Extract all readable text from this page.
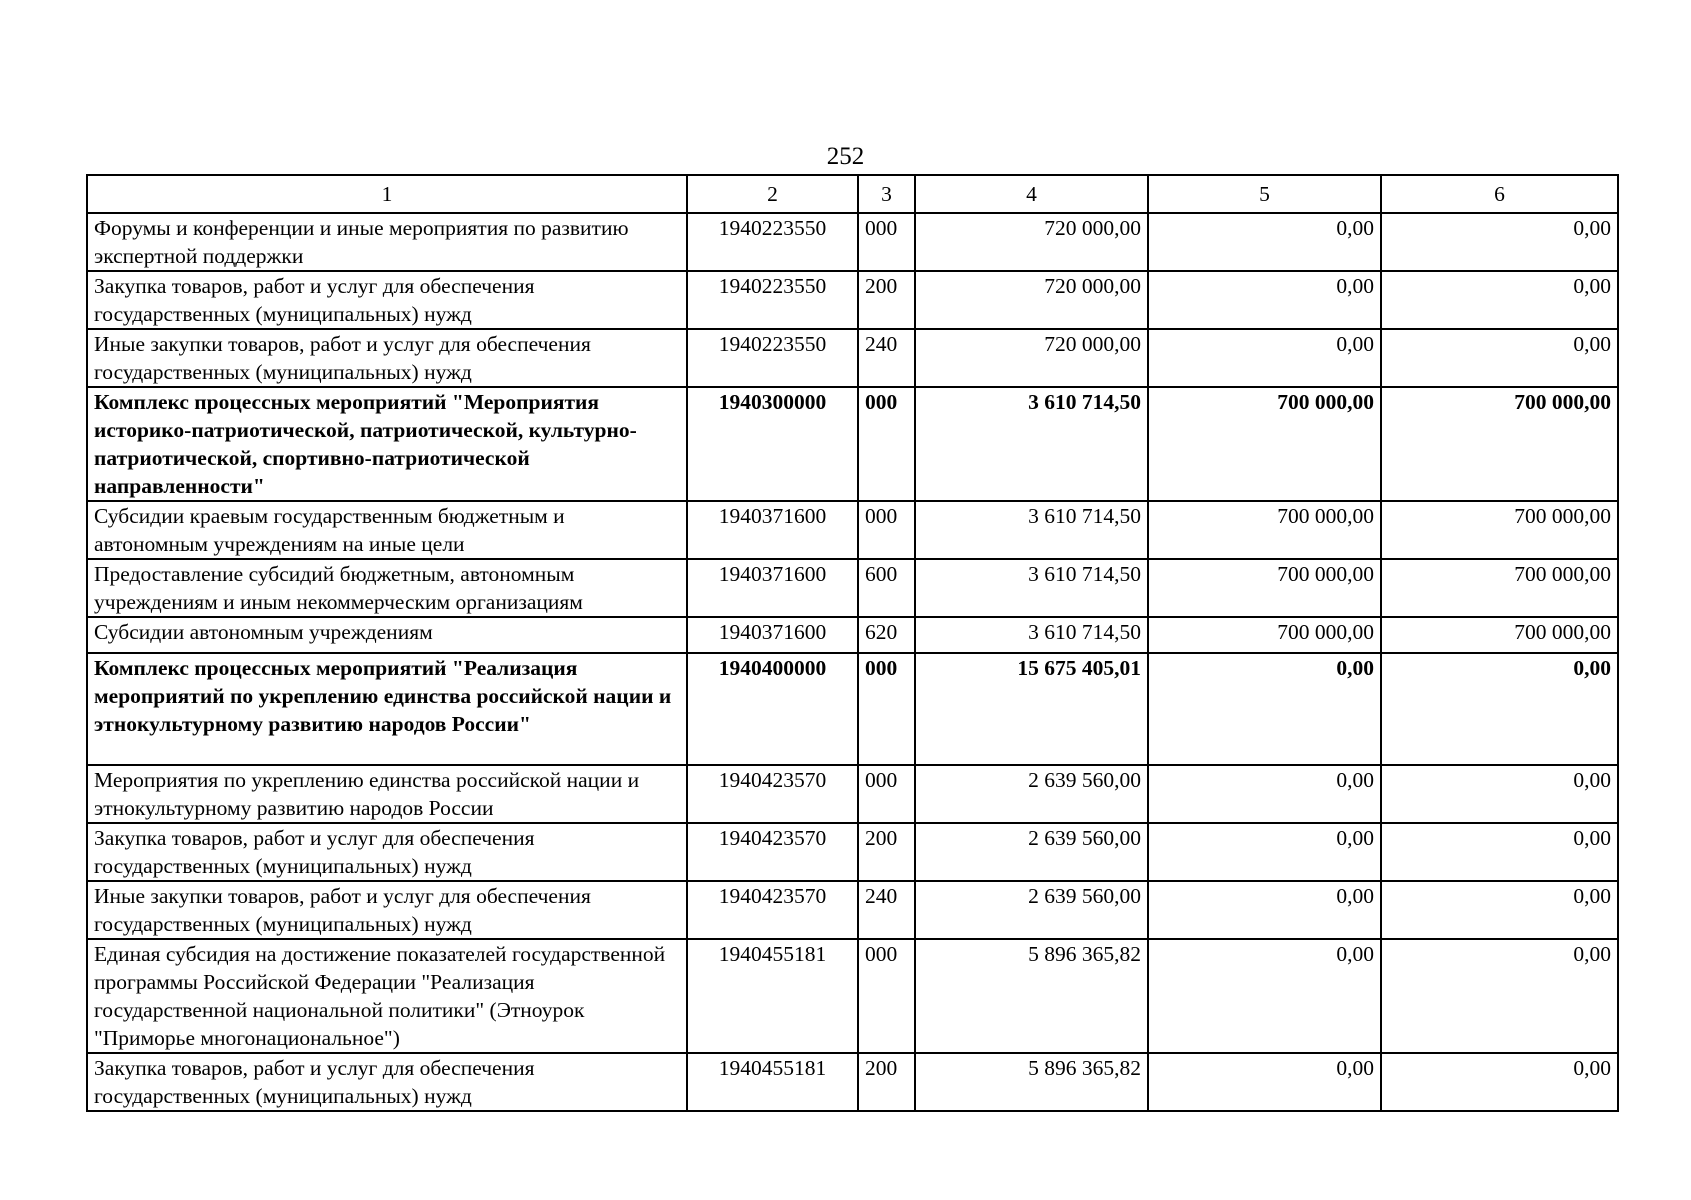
252
1	2	3	4	5	6
Форумы и конференции и иные мероприятия по развитию экспертной поддержки	1940223550	000	720 000,00	0,00	0,00
Закупка товаров, работ и услуг для обеспечения государственных (муниципальных) нужд	1940223550	200	720 000,00	0,00	0,00
Иные закупки товаров, работ и услуг для обеспечения государственных (муниципальных) нужд	1940223550	240	720 000,00	0,00	0,00
Комплекс процессных мероприятий "Мероприятия историко-патриотической, патриотической, культурно-патриотической, спортивно-патриотической направленности"	1940300000	000	3 610 714,50	700 000,00	700 000,00
Субсидии краевым государственным бюджетным и автономным учреждениям на иные цели	1940371600	000	3 610 714,50	700 000,00	700 000,00
Предоставление субсидий бюджетным, автономным учреждениям и иным некоммерческим организациям	1940371600	600	3 610 714,50	700 000,00	700 000,00
Субсидии автономным учреждениям	1940371600	620	3 610 714,50	700 000,00	700 000,00
Комплекс процессных мероприятий "Реализация мероприятий по укреплению единства российской нации и этнокультурному развитию народов России"	1940400000	000	15 675 405,01	0,00	0,00
Мероприятия по укреплению единства российской нации и этнокультурному развитию народов России	1940423570	000	2 639 560,00	0,00	0,00
Закупка товаров, работ и услуг для обеспечения государственных (муниципальных) нужд	1940423570	200	2 639 560,00	0,00	0,00
Иные закупки товаров, работ и услуг для обеспечения государственных (муниципальных) нужд	1940423570	240	2 639 560,00	0,00	0,00
Единая субсидия на достижение показателей государственной программы Российской Федерации "Реализация государственной национальной политики" (Этноурок "Приморье многонациональное")	1940455181	000	5 896 365,82	0,00	0,00
Закупка товаров, работ и услуг для обеспечения государственных (муниципальных) нужд	1940455181	200	5 896 365,82	0,00	0,00
